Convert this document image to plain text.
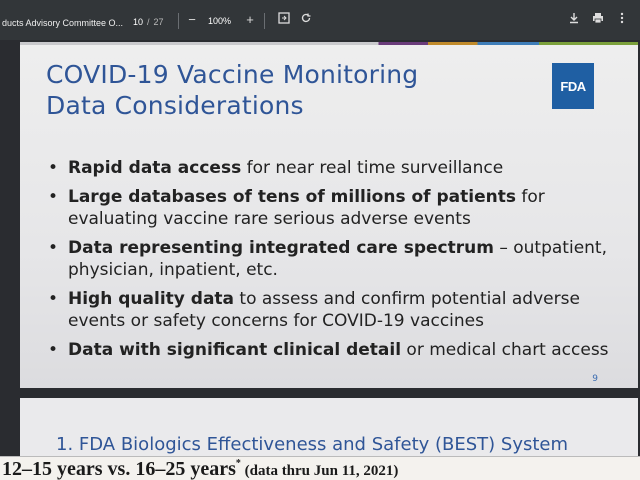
ducts Advisory Committee O... 10 / 27	−	100%	+
COVID-19 Vaccine Monitoring
Data Considerations
FDA
• Rapid data access for near real time surveillance
• Large databases of tens of millions of patients for evaluating vaccine rare serious adverse events
• Data representing integrated care spectrum – outpatient, physician, inpatient, etc.
• High quality data to assess and confirm potential adverse events or safety concerns for COVID-19 vaccines
• Data with significant clinical detail or medical chart access
9
1. FDA Biologics Effectiveness and Safety (BEST) System
12–15 years vs. 16–25 years* (data thru Jun 11, 2021)
